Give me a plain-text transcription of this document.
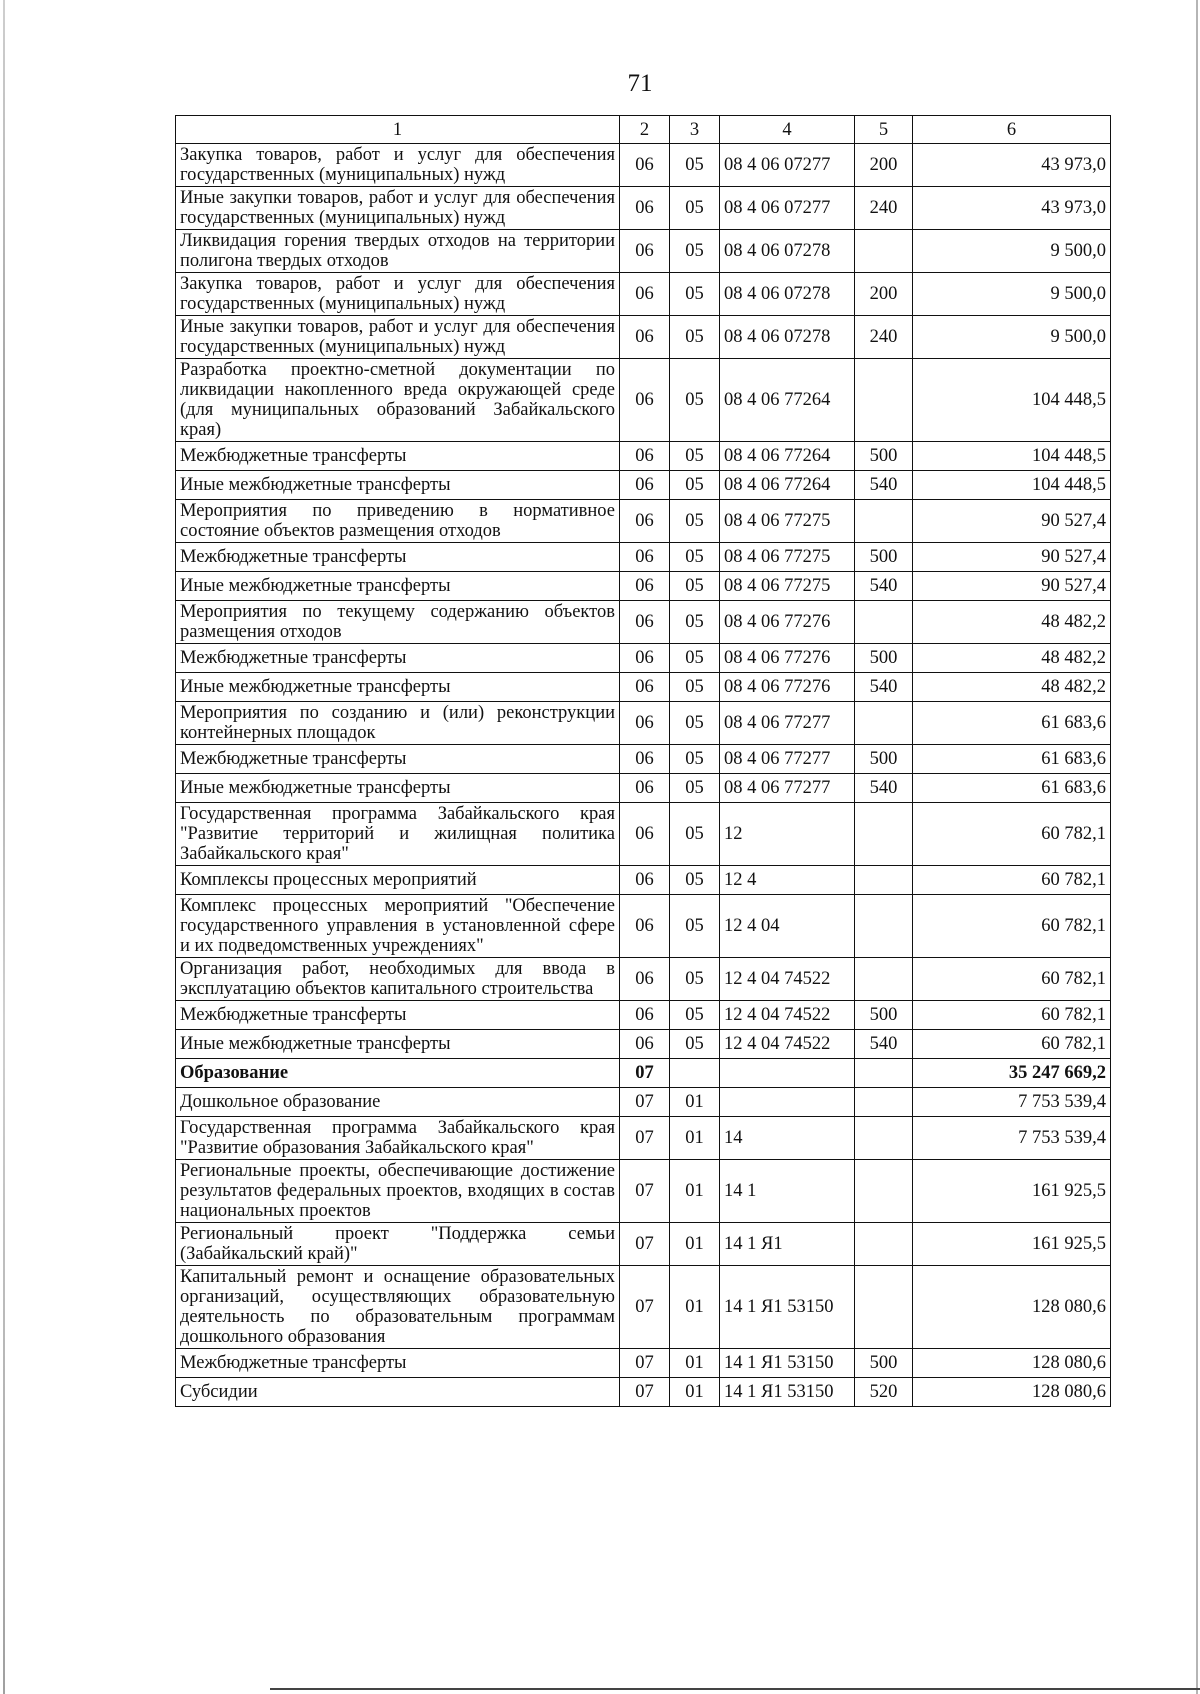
71
1	2	3	4	5	6
Закупка товаров, работ и услуг для обеспечения государственных (муниципальных) нужд	06	05	08 4 06 07277	200	43 973,0
Иные закупки товаров, работ и услуг для обеспечения государственных (муниципальных) нужд	06	05	08 4 06 07277	240	43 973,0
Ликвидация горения твердых отходов на территории полигона твердых отходов	06	05	08 4 06 07278		9 500,0
Закупка товаров, работ и услуг для обеспечения государственных (муниципальных) нужд	06	05	08 4 06 07278	200	9 500,0
Иные закупки товаров, работ и услуг для обеспечения государственных (муниципальных) нужд	06	05	08 4 06 07278	240	9 500,0
Разработка проектно-сметной документации по ликвидации накопленного вреда окружающей среде (для муниципальных образований Забайкальского края)	06	05	08 4 06 77264		104 448,5
Межбюджетные трансферты	06	05	08 4 06 77264	500	104 448,5
Иные межбюджетные трансферты	06	05	08 4 06 77264	540	104 448,5
Мероприятия по приведению в нормативное состояние объектов размещения отходов	06	05	08 4 06 77275		90 527,4
Межбюджетные трансферты	06	05	08 4 06 77275	500	90 527,4
Иные межбюджетные трансферты	06	05	08 4 06 77275	540	90 527,4
Мероприятия по текущему содержанию объектов размещения отходов	06	05	08 4 06 77276		48 482,2
Межбюджетные трансферты	06	05	08 4 06 77276	500	48 482,2
Иные межбюджетные трансферты	06	05	08 4 06 77276	540	48 482,2
Мероприятия по созданию и (или) реконструкции контейнерных площадок	06	05	08 4 06 77277		61 683,6
Межбюджетные трансферты	06	05	08 4 06 77277	500	61 683,6
Иные межбюджетные трансферты	06	05	08 4 06 77277	540	61 683,6
Государственная программа Забайкальского края "Развитие территорий и жилищная политика Забайкальского края"	06	05	12		60 782,1
Комплексы процессных мероприятий	06	05	12 4		60 782,1
Комплекс процессных мероприятий "Обеспечение государственного управления в установленной сфере и их подведомственных учреждениях"	06	05	12 4 04		60 782,1
Организация работ, необходимых для ввода в эксплуатацию объектов капитального строительства	06	05	12 4 04 74522		60 782,1
Межбюджетные трансферты	06	05	12 4 04 74522	500	60 782,1
Иные межбюджетные трансферты	06	05	12 4 04 74522	540	60 782,1
Образование	07				35 247 669,2
Дошкольное образование	07	01			7 753 539,4
Государственная программа Забайкальского края "Развитие образования Забайкальского края"	07	01	14		7 753 539,4
Региональные проекты, обеспечивающие достижение результатов федеральных проектов, входящих в состав национальных проектов	07	01	14 1		161 925,5
Региональный проект "Поддержка семьи (Забайкальский край)"	07	01	14 1 Я1		161 925,5
Капитальный ремонт и оснащение образовательных организаций, осуществляющих образовательную деятельность по образовательным программам дошкольного образования	07	01	14 1 Я1 53150		128 080,6
Межбюджетные трансферты	07	01	14 1 Я1 53150	500	128 080,6
Субсидии	07	01	14 1 Я1 53150	520	128 080,6
